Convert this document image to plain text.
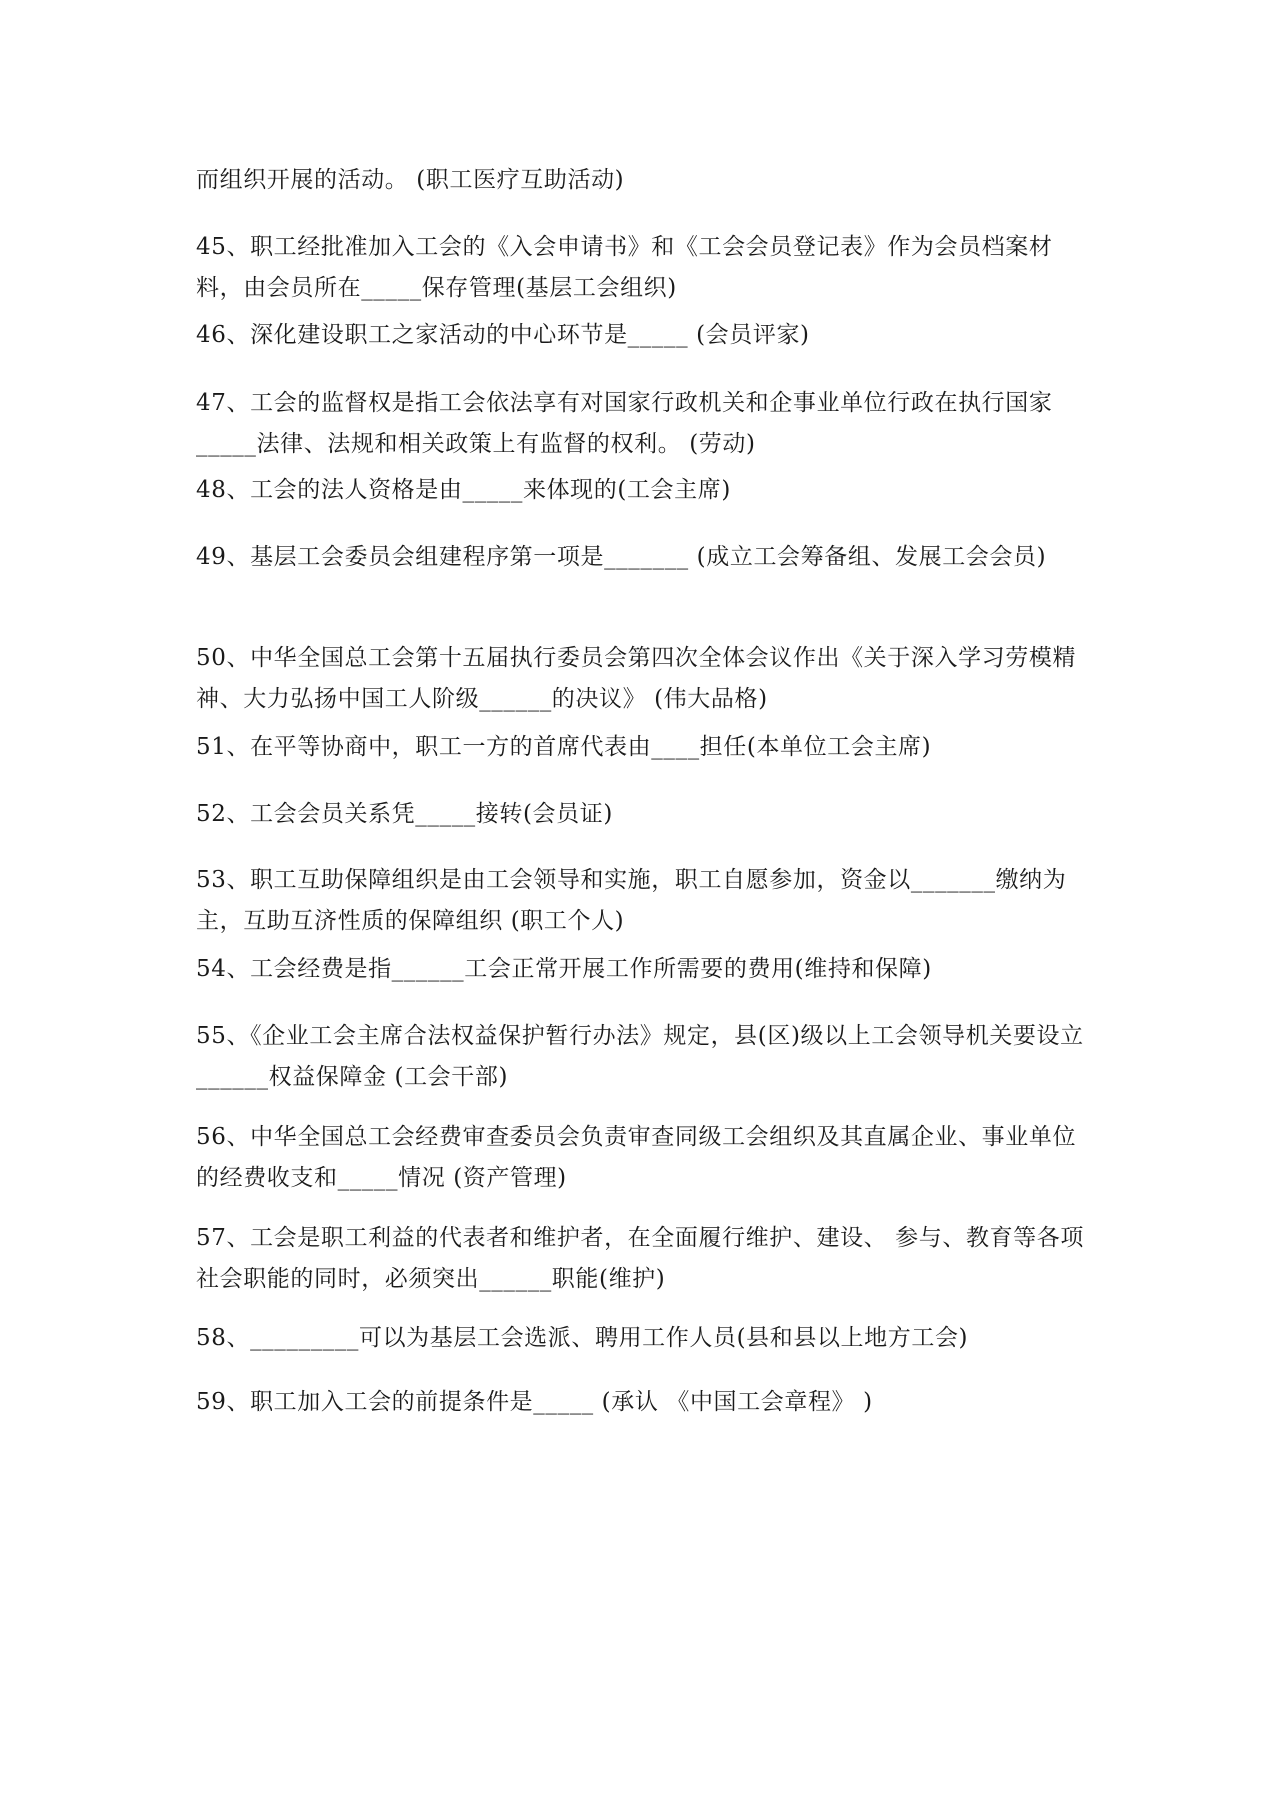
而组织开展的活动。 (职工医疗互助活动)

45、职工经批准加入工会的《入会申请书》和《工会会员登记表》作为会员档案材料，由会员所在_____保存管理(基层工会组织)

46、深化建设职工之家活动的中心环节是_____ (会员评家)

47、工会的监督权是指工会依法享有对国家行政机关和企事业单位行政在执行国家_____法律、法规和相关政策上有监督的权利。 (劳动)

48、工会的法人资格是由_____来体现的(工会主席)

49、基层工会委员会组建程序第一项是_______ (成立工会筹备组、发展工会会员)

50、中华全国总工会第十五届执行委员会第四次全体会议作出《关于深入学习劳模精神、大力弘扬中国工人阶级______的决议》 (伟大品格)

51、在平等协商中，职工一方的首席代表由____担任(本单位工会主席)

52、工会会员关系凭_____接转(会员证)

53、职工互助保障组织是由工会领导和实施，职工自愿参加，资金以_______缴纳为主，互助互济性质的保障组织 (职工个人)

54、工会经费是指______工会正常开展工作所需要的费用(维持和保障)

55、《企业工会主席合法权益保护暂行办法》规定，县(区)级以上工会领导机关要设立______权益保障金 (工会干部)

56、中华全国总工会经费审查委员会负责审查同级工会组织及其直属企业、事业单位的经费收支和_____情况 (资产管理)

57、工会是职工利益的代表者和维护者，在全面履行维护、建设、 参与、教育等各项社会职能的同时，必须突出______职能(维护)

58、_________可以为基层工会选派、聘用工作人员(县和县以上地方工会)

59、职工加入工会的前提条件是_____ (承认 《中国工会章程》 )
